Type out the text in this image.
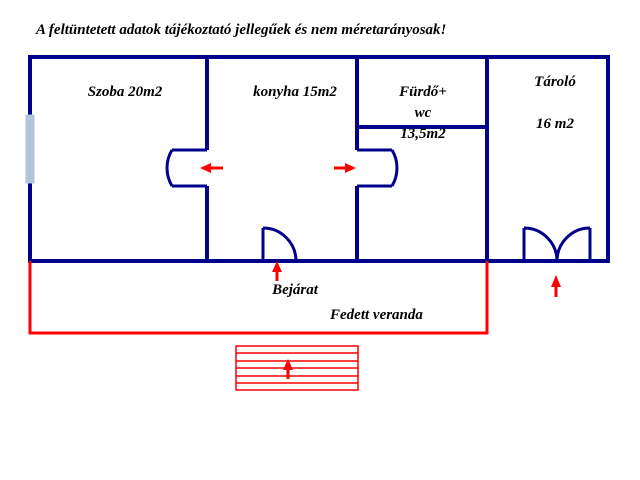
A feltüntetett adatok tájékoztató jellegűek és nem méretarányosak!
Szoba 20m2	konyha 15m2	Fürdő+
wc
13,5m2
Tároló

16 m2
Bejárat
Fedett veranda
